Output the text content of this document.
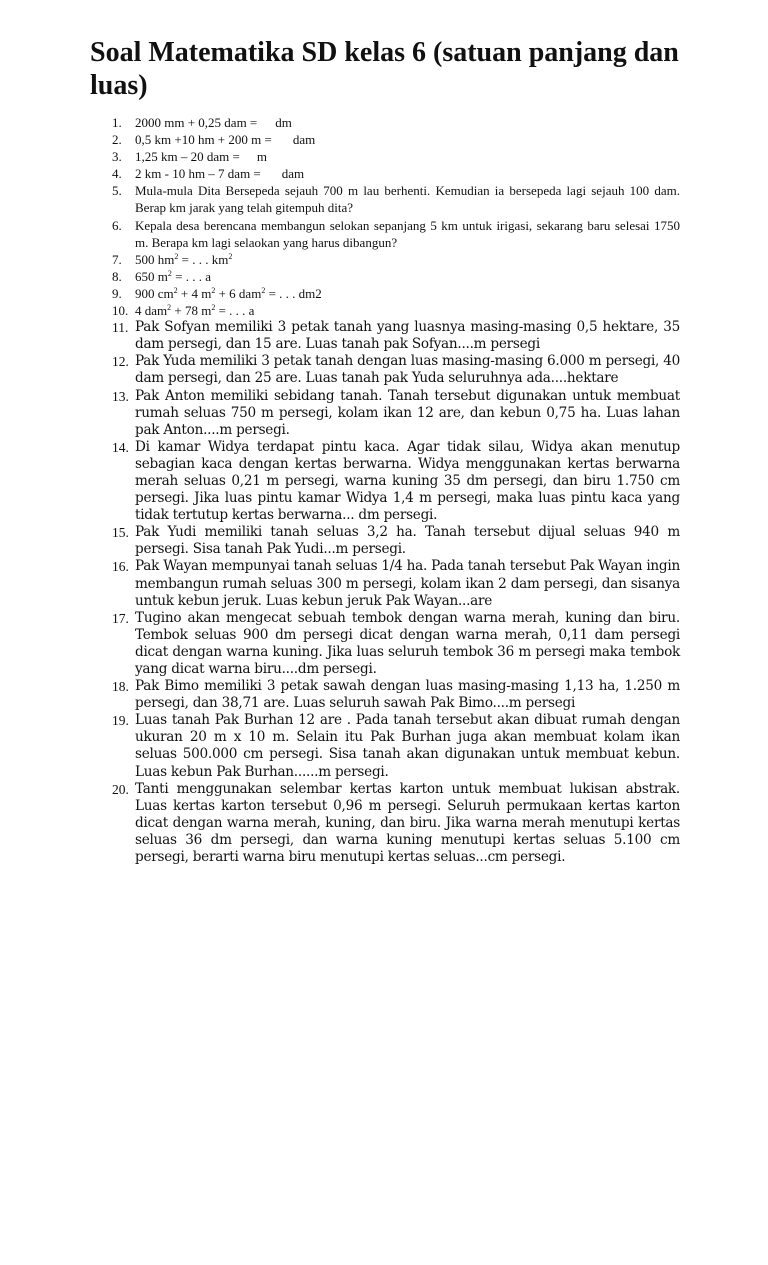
Soal Matematika SD kelas 6 (satuan panjang dan luas)
1.	2000 mm + 0,25 dam = dm
2.	0,5 km +10 hm + 200 m = dam
3.	1,25 km – 20 dam = m
4.	2 km - 10 hm – 7 dam = dam
5.	Mula-mula Dita Bersepeda sejauh 700 m lau berhenti. Kemudian ia bersepeda lagi sejauh 100 dam. Berap km jarak yang telah gitempuh dita?
6.	Kepala desa berencana membangun selokan sepanjang 5 km untuk irigasi, sekarang baru selesai 1750 m. Berapa km lagi selaokan yang harus dibangun?
7.	500 $hm^2$ = . . . $km^2$
8.	650 $m^2$ = . . . a
9.	900 $cm^2 + 4$ $m^2 + 6$ dam$^2$ = . . . dm2
10. 4 dam$^2$ + 78 $m^2$ = . . . a
11. Pak Sofyan memiliki 3 petak tanah yang luasnya masing-masing 0,5 hektare, 35 dam persegi, dan 15 are. Luas tanah pak Sofyan....m persegi
12. Pak Yuda memiliki 3 petak tanah dengan luas masing-masing 6.000 m persegi, 40 dam persegi, dan 25 are. Luas tanah pak Yuda seluruhnya ada....hektare
13. Pak Anton memiliki sebidang tanah. Tanah tersebut digunakan untuk membuat rumah seluas 750 m persegi, kolam ikan 12 are, dan kebun 0,75 ha. Luas lahan pak Anton....m persegi.
14. Di kamar Widya terdapat pintu kaca. Agar tidak silau, Widya akan menutup sebagian kaca dengan kertas berwarna. Widya menggunakan kertas berwarna merah seluas 0,21 m persegi, warna kuning 35 dm persegi, dan biru 1.750 cm persegi. Jika luas pintu kamar Widya 1,4 m persegi, maka luas pintu kaca yang tidak tertutup kertas berwarna... dm persegi.
15. Pak Yudi memiliki tanah seluas 3,2 ha. Tanah tersebut dijual seluas 940 m persegi. Sisa tanah Pak Yudi...m persegi.
16. Pak Wayan mempunyai tanah seluas 1/4 ha. Pada tanah tersebut Pak Wayan ingin membangun rumah seluas 300 m persegi, kolam ikan 2 dam persegi, dan sisanya untuk kebun jeruk. Luas kebun jeruk Pak Wayan...are
17. Tugino akan mengecat sebuah tembok dengan warna merah, kuning dan biru. Tembok seluas 900 dm persegi dicat dengan warna merah, 0,11 dam persegi dicat dengan warna kuning. Jika luas seluruh tembok 36 m persegi maka tembok yang dicat warna biru....dm persegi.
18. Pak Bimo memiliki 3 petak sawah dengan luas masing-masing 1,13 ha, 1.250 m persegi, dan 38,71 are. Luas seluruh sawah Pak Bimo....m persegi
19. Luas tanah Pak Burhan 12 are . Pada tanah tersebut akan dibuat rumah dengan ukuran 20 m x 10 m. Selain itu Pak Burhan juga akan membuat kolam ikan seluas 500.000 cm persegi. Sisa tanah akan digunakan untuk membuat kebun. Luas kebun Pak Burhan......m persegi.
20. Tanti menggunakan selembar kertas karton untuk membuat lukisan abstrak. Luas kertas karton tersebut 0,96 m persegi. Seluruh permukaan kertas karton dicat dengan warna merah, kuning, dan biru. Jika warna merah menutupi kertas seluas 36 dm persegi, dan warna kuning menutupi kertas seluas 5.100 cm persegi, berarti warna biru menutupi kertas seluas...cm persegi.
